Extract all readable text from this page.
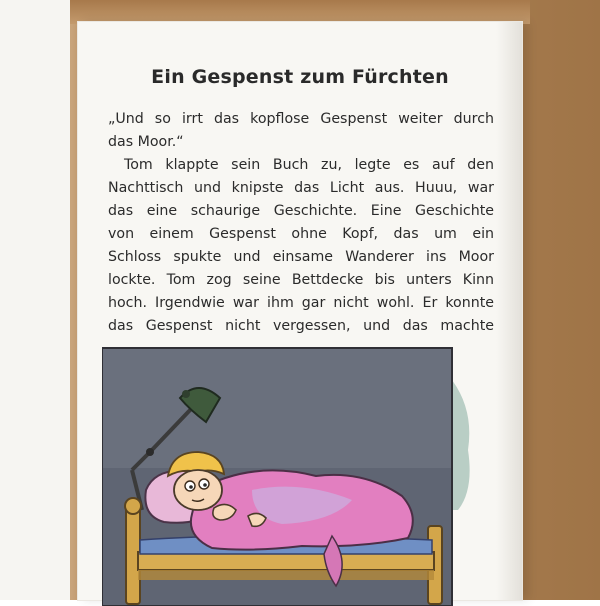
Ein Gespenst zum Fürchten
„Und so irrt das kopflose Gespenst weiter durch
das Moor.“
Tom klappte sein Buch zu, legte es auf den
Nachttisch und knipste das Licht aus. Huuu, war
das eine schaurige Geschichte. Eine Geschichte
von einem Gespenst ohne Kopf, das um ein
Schloss spukte und einsame Wanderer ins Moor
lockte. Tom zog seine Bettdecke bis unters Kinn
hoch. Irgendwie war ihm gar nicht wohl. Er konnte
das Gespenst nicht vergessen, und das machte
